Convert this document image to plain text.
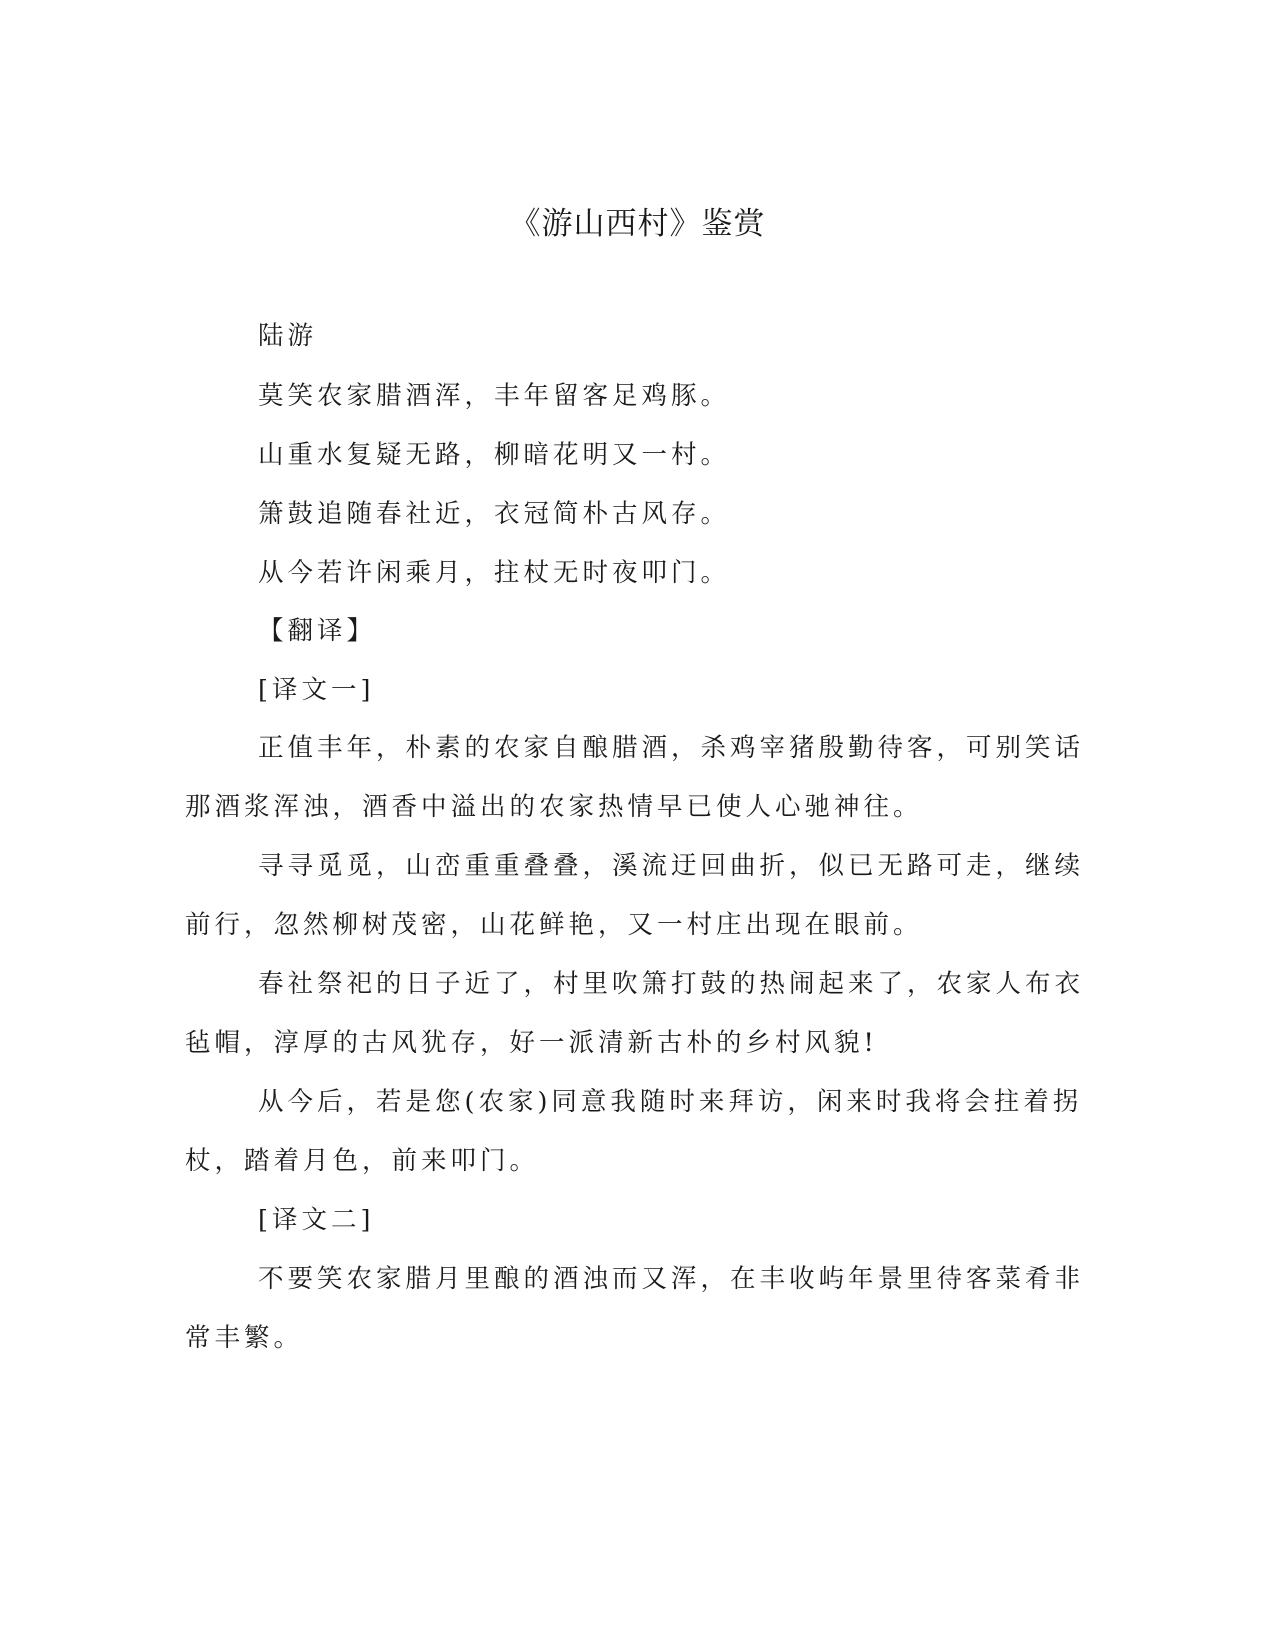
《游山西村》鉴赏
陆游
莫笑农家腊酒浑，丰年留客足鸡豚。
山重水复疑无路，柳暗花明又一村。
箫鼓追随春社近，衣冠简朴古风存。
从今若许闲乘月，拄杖无时夜叩门。
【翻译】
[译文一]
正值丰年，朴素的农家自酿腊酒，杀鸡宰猪殷勤待客，可别笑话
那酒浆浑浊，酒香中溢出的农家热情早已使人心驰神往。
寻寻觅觅，山峦重重叠叠，溪流迂回曲折，似已无路可走，继续
前行，忽然柳树茂密，山花鲜艳，又一村庄出现在眼前。
春社祭祀的日子近了，村里吹箫打鼓的热闹起来了，农家人布衣
毡帽，淳厚的古风犹存，好一派清新古朴的乡村风貌!
从今后，若是您(农家)同意我随时来拜访，闲来时我将会拄着拐
杖，踏着月色，前来叩门。
[译文二]
不要笑农家腊月里酿的酒浊而又浑，在丰收屿年景里待客菜肴非
常丰繁。
